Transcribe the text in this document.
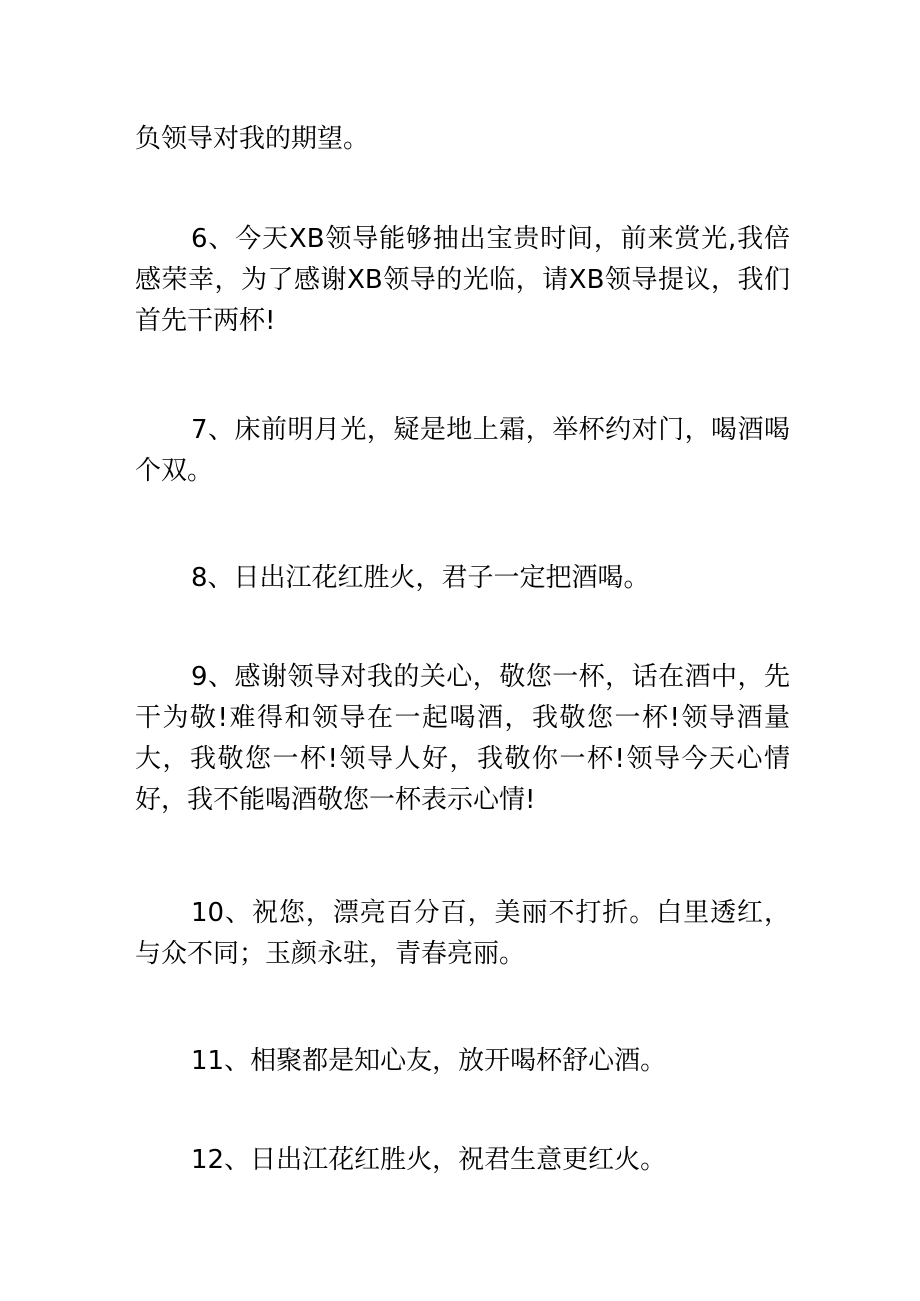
负领导对我的期望。

6、今天XB领导能够抽出宝贵时间，前来赏光,我倍感荣幸，为了感谢XB领导的光临，请XB领导提议，我们首先干两杯!

7、床前明月光，疑是地上霜，举杯约对门，喝酒喝个双。

8、日出江花红胜火，君子一定把酒喝。

9、感谢领导对我的关心，敬您一杯，话在酒中，先干为敬!难得和领导在一起喝酒，我敬您一杯!领导酒量大，我敬您一杯!领导人好，我敬你一杯!领导今天心情好，我不能喝酒敬您一杯表示心情!

10、祝您，漂亮百分百，美丽不打折。白里透红，与众不同；玉颜永驻，青春亮丽。

11、相聚都是知心友，放开喝杯舒心酒。

12、日出江花红胜火，祝君生意更红火。
